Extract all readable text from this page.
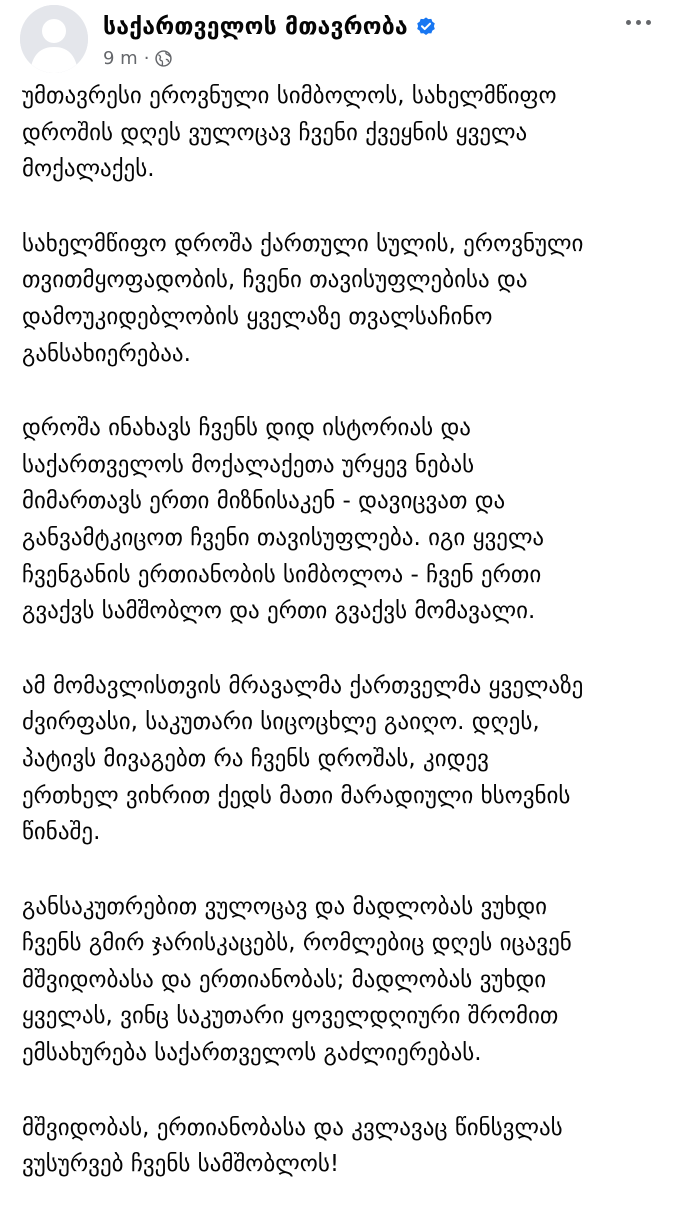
საქართველოს მთავრობა
9 m ·

უმთავრესი ეროვნული სიმბოლოს, სახელმწიფო
დროშის დღეს ვულოცავ ჩვენი ქვეყნის ყველა
მოქალაქეს.

სახელმწიფო დროშა ქართული სულის, ეროვნული
თვითმყოფადობის, ჩვენი თავისუფლებისა და
დამოუკიდებლობის ყველაზე თვალსაჩინო
განსახიერებაა.

დროშა ინახავს ჩვენს დიდ ისტორიას და
საქართველოს მოქალაქეთა ურყევ ნებას
მიმართავს ერთი მიზნისაკენ - დავიცვათ და
განვამტკიცოთ ჩვენი თავისუფლება. იგი ყველა
ჩვენგანის ერთიანობის სიმბოლოა - ჩვენ ერთი
გვაქვს სამშობლო და ერთი გვაქვს მომავალი.

ამ მომავლისთვის მრავალმა ქართველმა ყველაზე
ძვირფასი, საკუთარი სიცოცხლე გაიღო. დღეს,
პატივს მივაგებთ რა ჩვენს დროშას, კიდევ
ერთხელ ვიხრით ქედს მათი მარადიული ხსოვნის
წინაშე.

განსაკუთრებით ვულოცავ და მადლობას ვუხდი
ჩვენს გმირ ჯარისკაცებს, რომლებიც დღეს იცავენ
მშვიდობასა და ერთიანობას; მადლობას ვუხდი
ყველას, ვინც საკუთარი ყოველდღიური შრომით
ემსახურება საქართველოს გაძლიერებას.

მშვიდობას, ერთიანობასა და კვლავაც წინსვლას
ვუსურვებ ჩვენს სამშობლოს!
